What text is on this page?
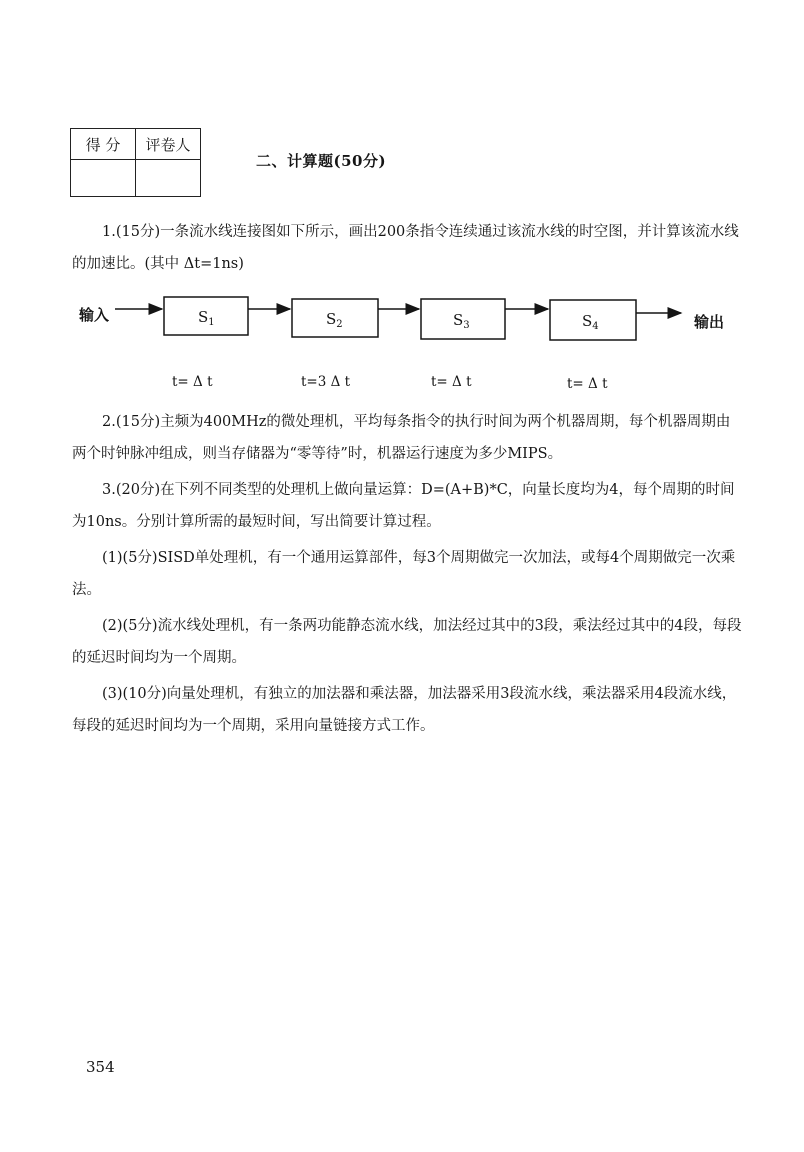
得 分	评卷人

二、计算题(50分)
1.(15分)一条流水线连接图如下所示，画出200条指令连续通过该流水线的时空图，并计算该流水线的加速比。(其中 Δt=1ns)
输入	$S_1$	$S_2$	$S_3$	$S_4$	输出
t= Δ t	t=3 Δ t	t= Δ t	t= Δ t
2.(15分)主频为400MHz的微处理机，平均每条指令的执行时间为两个机器周期，每个机器周期由两个时钟脉冲组成，则当存储器为“零等待”时，机器运行速度为多少MIPS。
3.(20分)在下列不同类型的处理机上做向量运算：D=(A+B)*C，向量长度均为4，每个周期的时间为10ns。分别计算所需的最短时间，写出简要计算过程。
(1)(5分)SISD单处理机，有一个通用运算部件，每3个周期做完一次加法，或每4个周期做完一次乘法。
(2)(5分)流水线处理机，有一条两功能静态流水线，加法经过其中的3段，乘法经过其中的4段，每段的延迟时间均为一个周期。
(3)(10分)向量处理机，有独立的加法器和乘法器，加法器采用3段流水线，乘法器采用4段流水线，每段的延迟时间均为一个周期，采用向量链接方式工作。
354
